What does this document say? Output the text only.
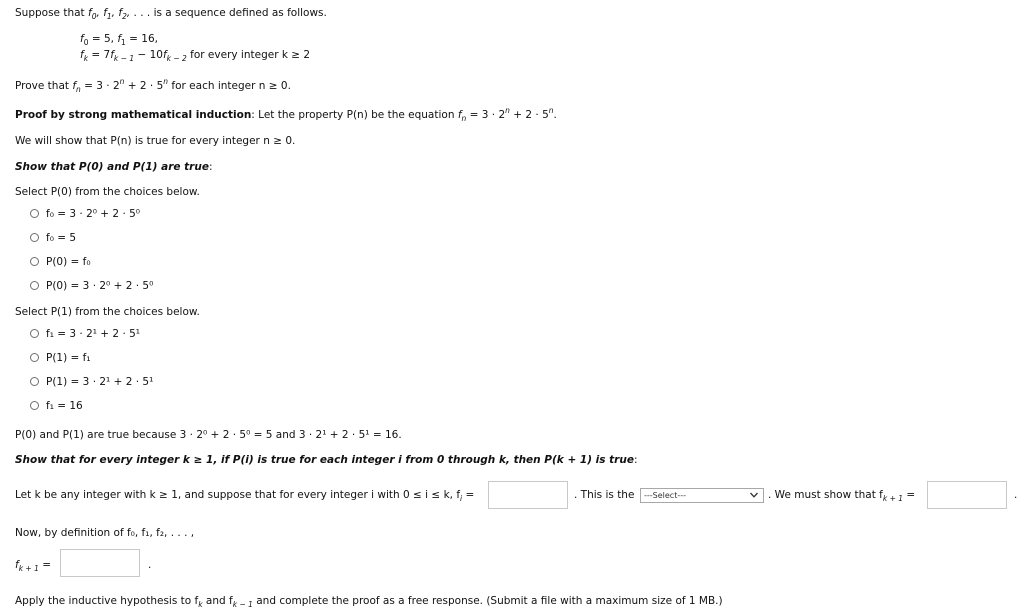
Suppose that $f_0$, $f_1$, $f_2$, . . . is a sequence defined as follows.
$f_0 = 5$, $f_1 = 16$,
$f_k = 7f_{k - 1} - 10f_{k - 2}$ for every integer k ≥ 2
Prove that $f_n = 3 \cdot 2^n + 2 \cdot 5^n$ for each integer n ≥ 0.
Proof by strong mathematical induction: Let the property P(n) be the equation $f_n = 3 \cdot 2^n + 2 \cdot 5^n$.
We will show that P(n) is true for every integer n ≥ 0.
Show that P(0) and P(1) are true:
Select P(0) from the choices below.
f₀ = 3 · 2⁰ + 2 · 5⁰
f₀ = 5
P(0) = f₀
P(0) = 3 · 2⁰ + 2 · 5⁰
Select P(1) from the choices below.
f₁ = 3 · 2¹ + 2 · 5¹
P(1) = f₁
P(1) = 3 · 2¹ + 2 · 5¹
f₁ = 16
P(0) and P(1) are true because 3 · 2⁰ + 2 · 5⁰ = 5 and 3 · 2¹ + 2 · 5¹ = 16.
Show that for every integer k ≥ 1, if P(i) is true for each integer i from 0 through k, then P(k + 1) is true:
Let k be any integer with k ≥ 1, and suppose that for every integer i with 0 ≤ i ≤ k, $f_i$ =	. This is the ---Select---	. We must show that $f_{k + 1}$ =	.
Now, by definition of f₀, f₁, f₂, . . . ,
$f_{k + 1}$ =	.
Apply the inductive hypothesis to $f_k$ and $f_{k - 1}$ and complete the proof as a free response. (Submit a file with a maximum size of 1 MB.)
